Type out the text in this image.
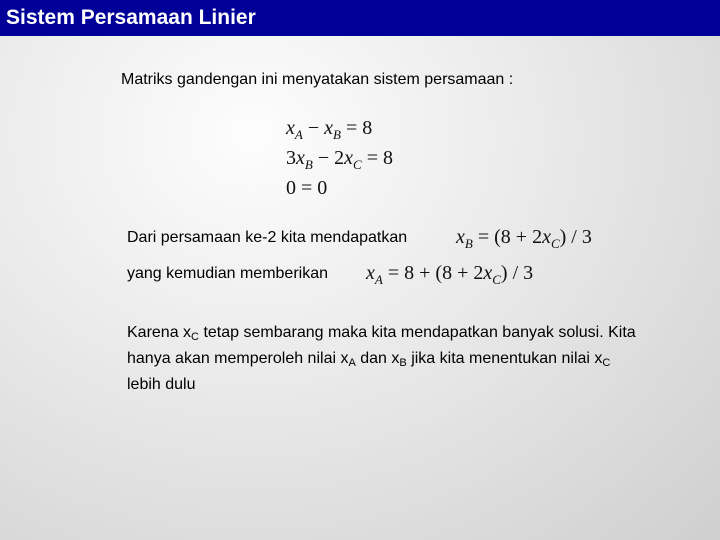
Sistem Persamaan Linier
Matriks gandengan ini menyatakan sistem persamaan :
$x_A - x_B = 8$
$3x_B - 2x_C = 8$
0 = 0
Dari persamaan ke-2 kita mendapatkan $x_B = (8 + 2x_C) / 3$
yang kemudian memberikan $x_A = 8 + (8 + 2x_C) / 3$
Karena $x_C$ tetap sembarang maka kita mendapatkan banyak solusi. Kita hanya akan memperoleh nilai $x_A$ dan $x_B$ jika kita menentukan nilai $x_C$ lebih dulu
